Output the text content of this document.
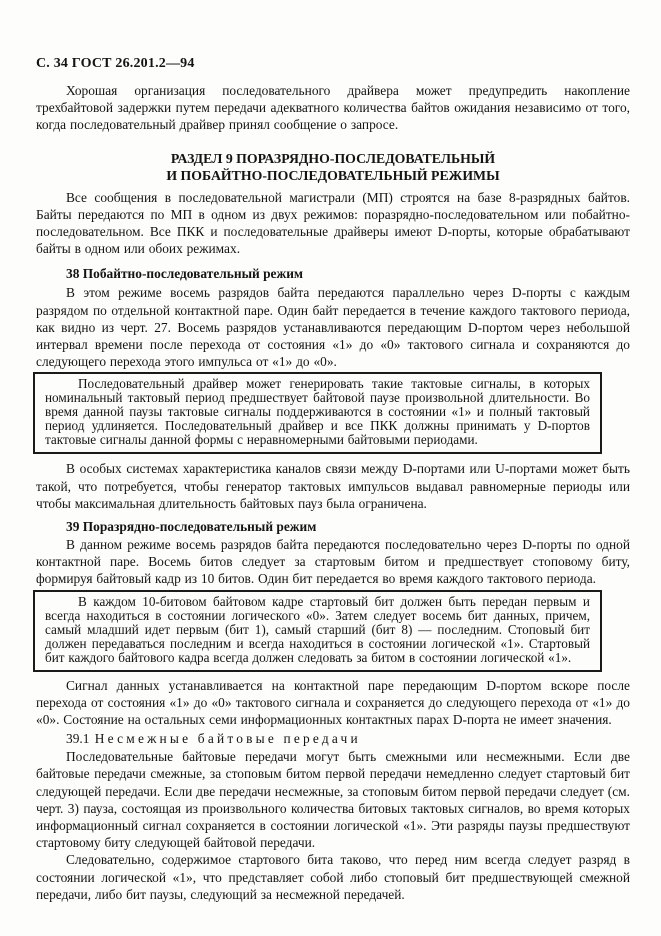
С. 34 ГОСТ 26.201.2—94

Хорошая организация последовательного драйвера может предупредить накопление трехбайтовой задержки путем передачи адекватного количества байтов ожидания независимо от того, когда последовательный драйвер принял сообщение о запросе.

РАЗДЕЛ 9 ПОРАЗРЯДНО-ПОСЛЕДОВАТЕЛЬНЫЙ
И ПОБАЙТНО-ПОСЛЕДОВАТЕЛЬНЫЙ РЕЖИМЫ

Все сообщения в последовательной магистрали (МП) строятся на базе 8-разрядных байтов. Байты передаются по МП в одном из двух режимов: поразрядно-последовательном или побайтно-последовательном. Все ПКК и последовательные драйверы имеют D-порты, которые обрабатывают байты в одном или обоих режимах.

38 Побайтно-последовательный режим

В этом режиме восемь разрядов байта передаются параллельно через D-порты с каждым разрядом по отдельной контактной паре. Один байт передается в течение каждого тактового периода, как видно из черт. 27. Восемь разрядов устанавливаются передающим D-портом через небольшой интервал времени после перехода от состояния «1» до «0» тактового сигнала и сохраняются до следующего перехода этого импульса от «1» до «0».

Последовательный драйвер может генерировать такие тактовые сигналы, в которых номинальный тактовый период предшествует байтовой паузе произвольной длительности. Во время данной паузы тактовые сигналы поддерживаются в состоянии «1» и полный тактовый период удлиняется. Последовательный драйвер и все ПКК должны принимать у D-портов тактовые сигналы данной формы с неравномерными байтовыми периодами.

В особых системах характеристика каналов связи между D-портами или U-портами может быть такой, что потребуется, чтобы генератор тактовых импульсов выдавал равномерные периоды или чтобы максимальная длительность байтовых пауз была ограничена.

39 Поразрядно-последовательный режим

В данном режиме восемь разрядов байта передаются последовательно через D-порты по одной контактной паре. Восемь битов следует за стартовым битом и предшествует стоповому биту, формируя байтовый кадр из 10 битов. Один бит передается во время каждого тактового периода.

В каждом 10-битовом байтовом кадре стартовый бит должен быть передан первым и всегда находиться в состоянии логического «0». Затем следует восемь бит данных, причем, самый младший идет первым (бит 1), самый старший (бит 8) — последним. Стоповый бит должен передаваться последним и всегда находиться в состоянии логической «1». Стартовый бит каждого байтового кадра всегда должен следовать за битом в состоянии логической «1».

Сигнал данных устанавливается на контактной паре передающим D-портом вскоре после перехода от состояния «1» до «0» тактового сигнала и сохраняется до следующего перехода от «1» до «0». Состояние на остальных семи информационных контактных парах D-порта не имеет значения.

39.1 Несмежные байтовые передачи

Последовательные байтовые передачи могут быть смежными или несмежными. Если две байтовые передачи смежные, за стоповым битом первой передачи немедленно следует стартовый бит следующей передачи. Если две передачи несмежные, за стоповым битом первой передачи следует (см. черт. 3) пауза, состоящая из произвольного количества битовых тактовых сигналов, во время которых информационный сигнал сохраняется в состоянии логической «1». Эти разряды паузы предшествуют стартовому биту следующей байтовой передачи.

Следовательно, содержимое стартового бита таково, что перед ним всегда следует разряд в состоянии логической «1», что представляет собой либо стоповый бит предшествующей смежной передачи, либо бит паузы, следующий за несмежной передачей.
